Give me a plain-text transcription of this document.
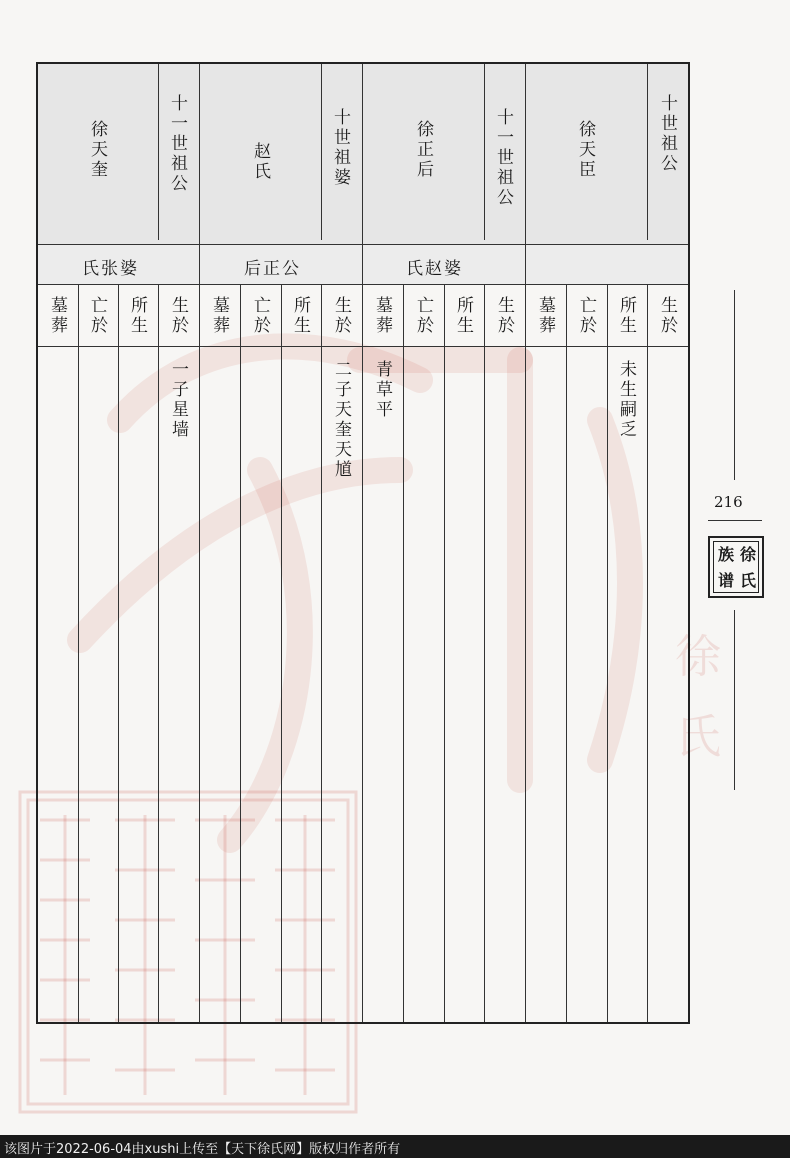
徐
氏
十世祖公
徐天臣
十一世祖公
徐正后
十世祖婆
赵氏
十一世祖公
徐天奎
氏赵婆
后正公
氏张婆
生於
所生
亡於
墓葬
生於
所生
亡於
墓葬
生於
所生
亡於
墓葬
生於
所生
亡於
墓葬
未生嗣乏
青草平
二子天奎天馗
一子星墙
216
徐
氏
族
谱
该图片于2022-06-04由xushi上传至【天下徐氏网】版权归作者所有
